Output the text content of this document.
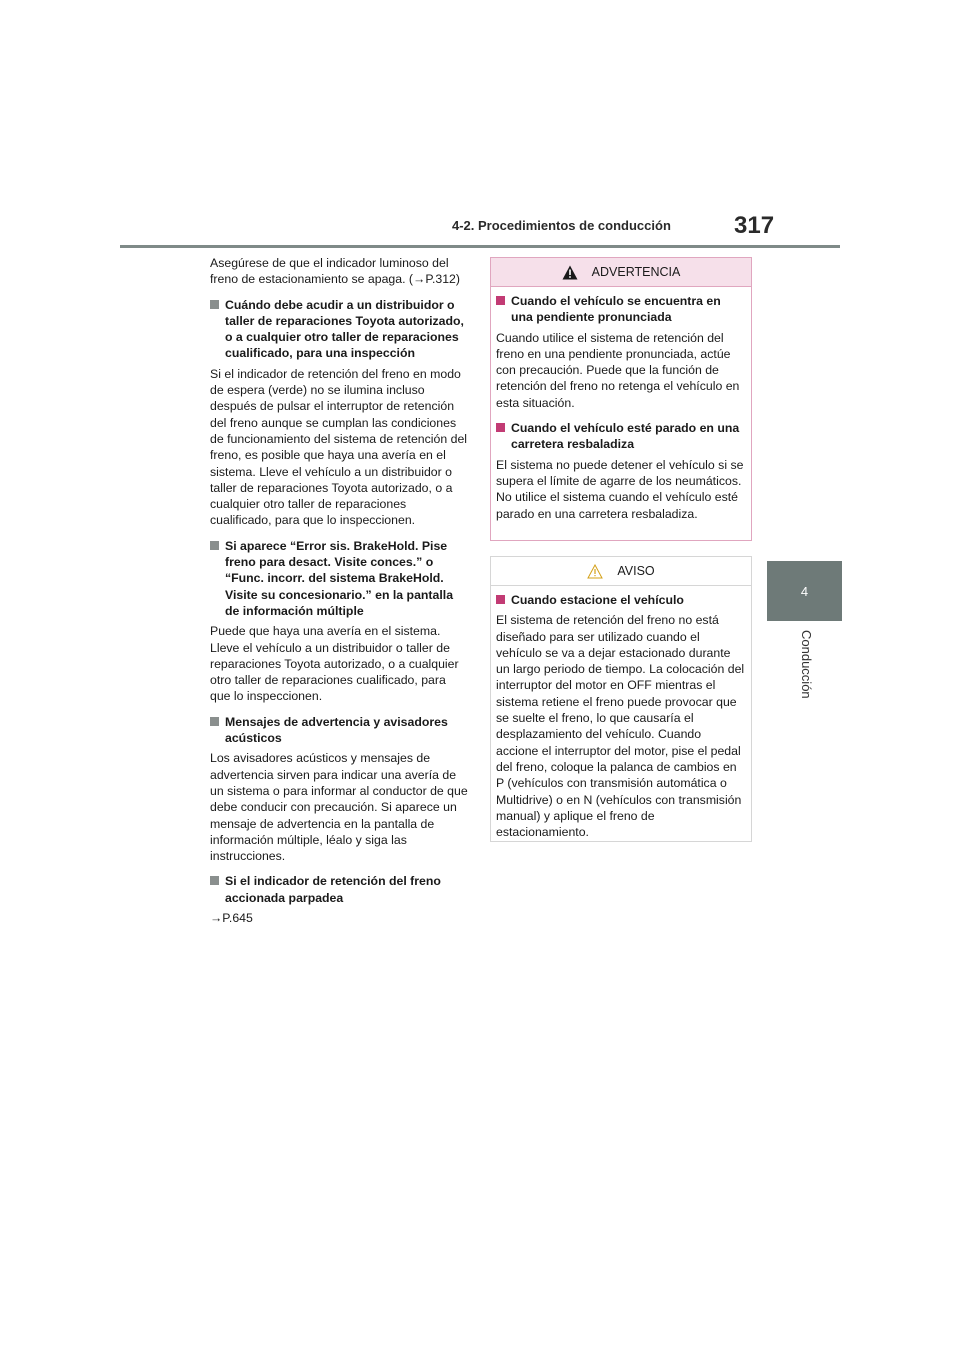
4-2. Procedimientos de conducción	317
4
Conducción

Asegúrese de que el indicador luminoso del freno de estacionamiento se apaga. (→P.312)

Cuándo debe acudir a un distribuidor o taller de reparaciones Toyota autorizado, o a cualquier otro taller de reparaciones cualificado, para una inspección

Si el indicador de retención del freno en modo de espera (verde) no se ilumina incluso después de pulsar el interruptor de retención del freno aunque se cumplan las condiciones de funcionamiento del sistema de retención del freno, es posible que haya una avería en el sistema. Lleve el vehículo a un distribuidor o taller de reparaciones Toyota autorizado, o a cualquier otro taller de reparaciones cualificado, para que lo inspeccionen.

Si aparece “Error sis. BrakeHold. Pise freno para desact. Visite conces.” o “Func. incorr. del sistema BrakeHold. Visite su concesionario.” en la pantalla de información múltiple

Puede que haya una avería en el sistema. Lleve el vehículo a un distribuidor o taller de reparaciones Toyota autorizado, o a cualquier otro taller de reparaciones cualificado, para que lo inspeccionen.

Mensajes de advertencia y avisadores acústicos

Los avisadores acústicos y mensajes de advertencia sirven para indicar una avería de un sistema o para informar al conductor de que debe conducir con precaución. Si aparece un mensaje de advertencia en la pantalla de información múltiple, léalo y siga las instrucciones.

Si el indicador de retención del freno accionada parpadea

→P.645

ADVERTENCIA
Cuando el vehículo se encuentra en una pendiente pronunciada

Cuando utilice el sistema de retención del freno en una pendiente pronunciada, actúe con precaución. Puede que la función de retención del freno no retenga el vehículo en esta situación.

Cuando el vehículo esté parado en una carretera resbaladiza

El sistema no puede detener el vehículo si se supera el límite de agarre de los neumáticos. No utilice el sistema cuando el vehículo esté parado en una carretera resbaladiza.

AVISO
Cuando estacione el vehículo

El sistema de retención del freno no está diseñado para ser utilizado cuando el vehículo se va a dejar estacionado durante un largo periodo de tiempo. La colocación del interruptor del motor en OFF mientras el sistema retiene el freno puede provocar que se suelte el freno, lo que causaría el desplazamiento del vehículo. Cuando accione el interruptor del motor, pise el pedal del freno, coloque la palanca de cambios en P (vehículos con transmisión automática o Multidrive) o en N (vehículos con transmisión manual) y aplique el freno de estacionamiento.
